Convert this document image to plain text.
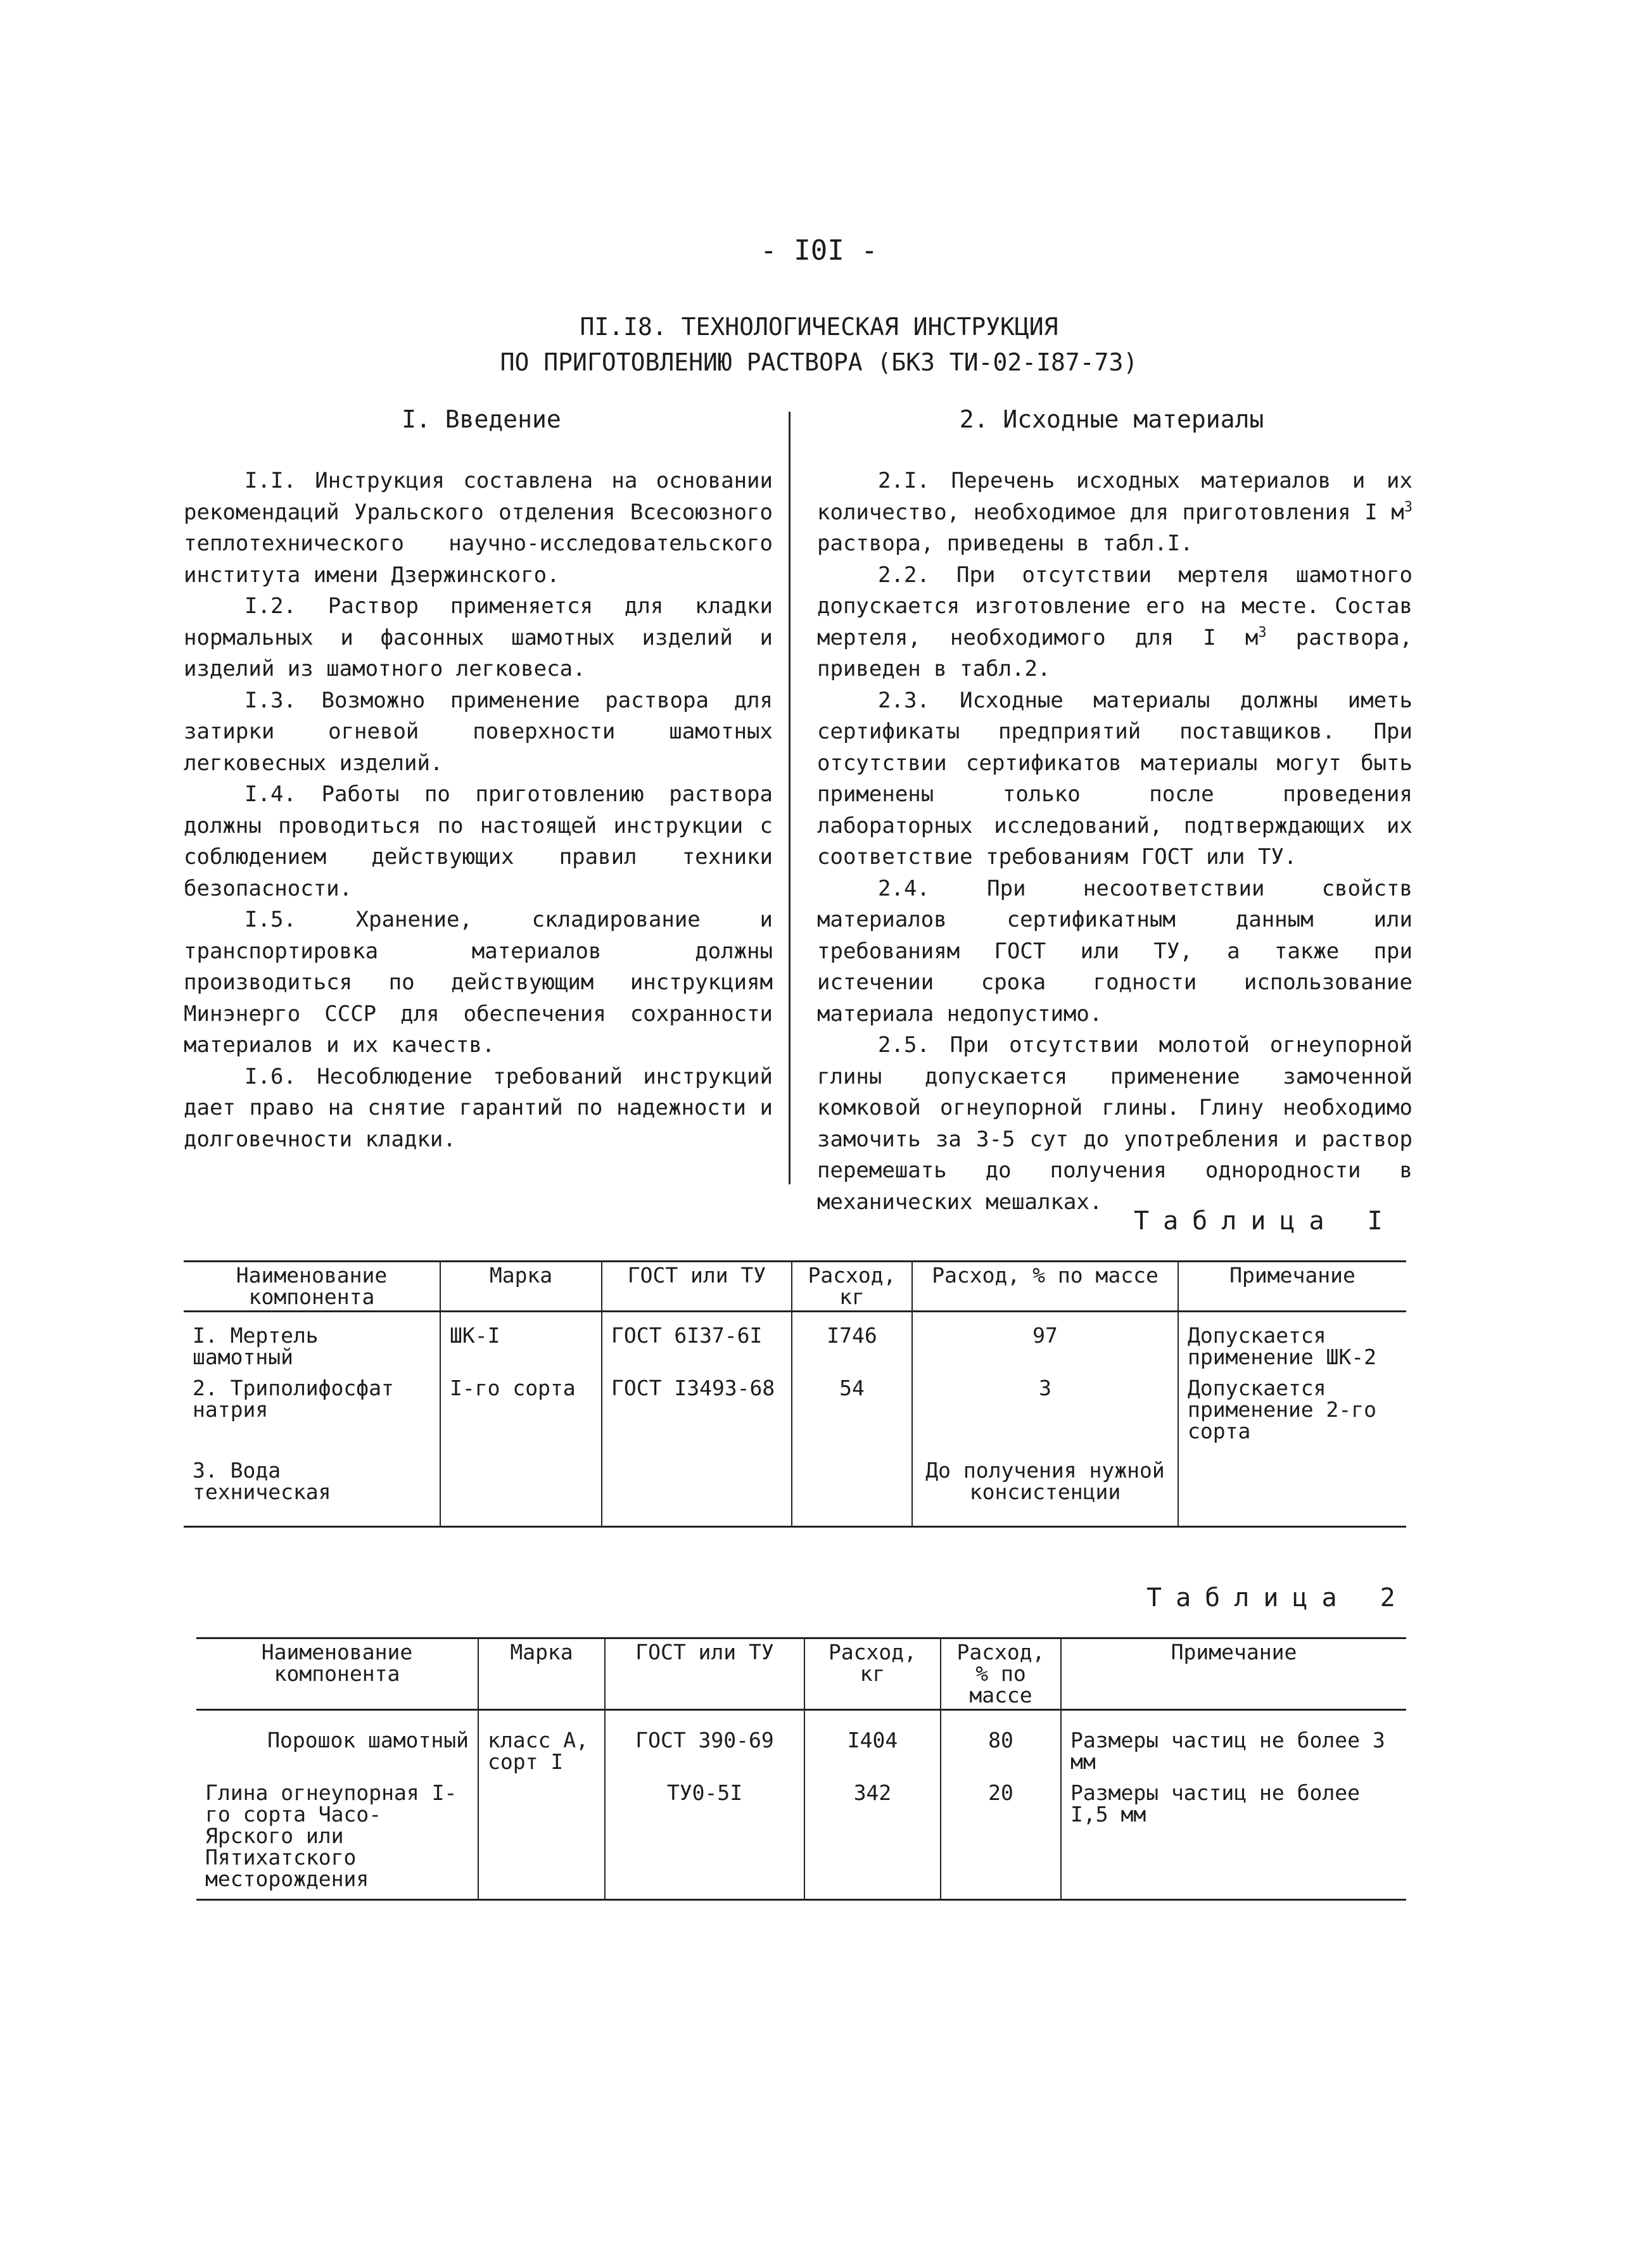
- I0I -
ПI.I8. ТЕХНОЛОГИЧЕСКАЯ ИНСТРУКЦИЯ
ПО ПРИГОТОВЛЕНИЮ РАСТВОРА (БКЗ ТИ-02-I87-73)
I. Введение

I.I. Инструкция составлена на основании рекомендаций Уральского отделения Всесоюзного теплотехнического научно-исследовательского института имени Дзержинского.

I.2. Раствор применяется для кладки нормальных и фасонных шамотных изделий и изделий из шамотного легковеса.

I.3. Возможно применение раствора для затирки огневой поверхности шамотных легковесных изделий.

I.4. Работы по приготовлению раствора должны проводиться по настоящей инструкции с соблюдением действующих правил техники безопасности.

I.5. Хранение, складирование и транспортировка материалов должны производиться по действующим инструкциям Минэнерго СССР для обеспечения сохранности материалов и их качеств.

I.6. Несоблюдение требований инструкций дает право на снятие гарантий по надежности и долговечности кладки.

2. Исходные материалы

2.I. Перечень исходных материалов и их количество, необходимое для приготовления I $м^3$ раствора, приведены в табл.I.

2.2. При отсутствии мертеля шамотного допускается изготовление его на месте. Состав мертеля, необходимого для I $м^3$ раствора, приведен в табл.2.

2.3. Исходные материалы должны иметь сертификаты предприятий поставщиков. При отсутствии сертификатов материалы могут быть применены только после проведения лабораторных исследований, подтверждающих их соответствие требованиям ГОСТ или ТУ.

2.4. При несоответствии свойств материалов сертификатным данным или требованиям ГОСТ или ТУ, а также при истечении срока годности использование материала недопустимо.

2.5. При отсутствии молотой огнеупорной глины допускается применение замоченной комковой огнеупорной глины. Глину необходимо замочить за 3-5 сут до употребления и раствор перемешать до получения однородности в механических мешалках.

Таблица I
Наименование компонента	Марка	ГОСТ или ТУ	Расход, кг	Расход, % по массе	Примечание
I. Мертель шамотный	ШК-I	ГОСТ 6I37-6I	I746	97	Допускается применение ШК-2
2. Триполифосфат натрия	I-го сорта	ГОСТ I3493-68	54	3	Допускается применение 2-го сорта
3. Вода техническая				До получения нужной консистенции	
Таблица 2
Наименование компонента	Марка	ГОСТ или ТУ	Расход, кг	Расход, % по массе	Примечание
Порошок шамотный	класс А, сорт I	ГОСТ 390-69	I404	80	Размеры частиц не более 3 мм
Глина огнеупорная I-го сорта Часо-Ярского или Пятихатского месторождения		ТУ0-5I	342	20	Размеры частиц не более I,5 мм
